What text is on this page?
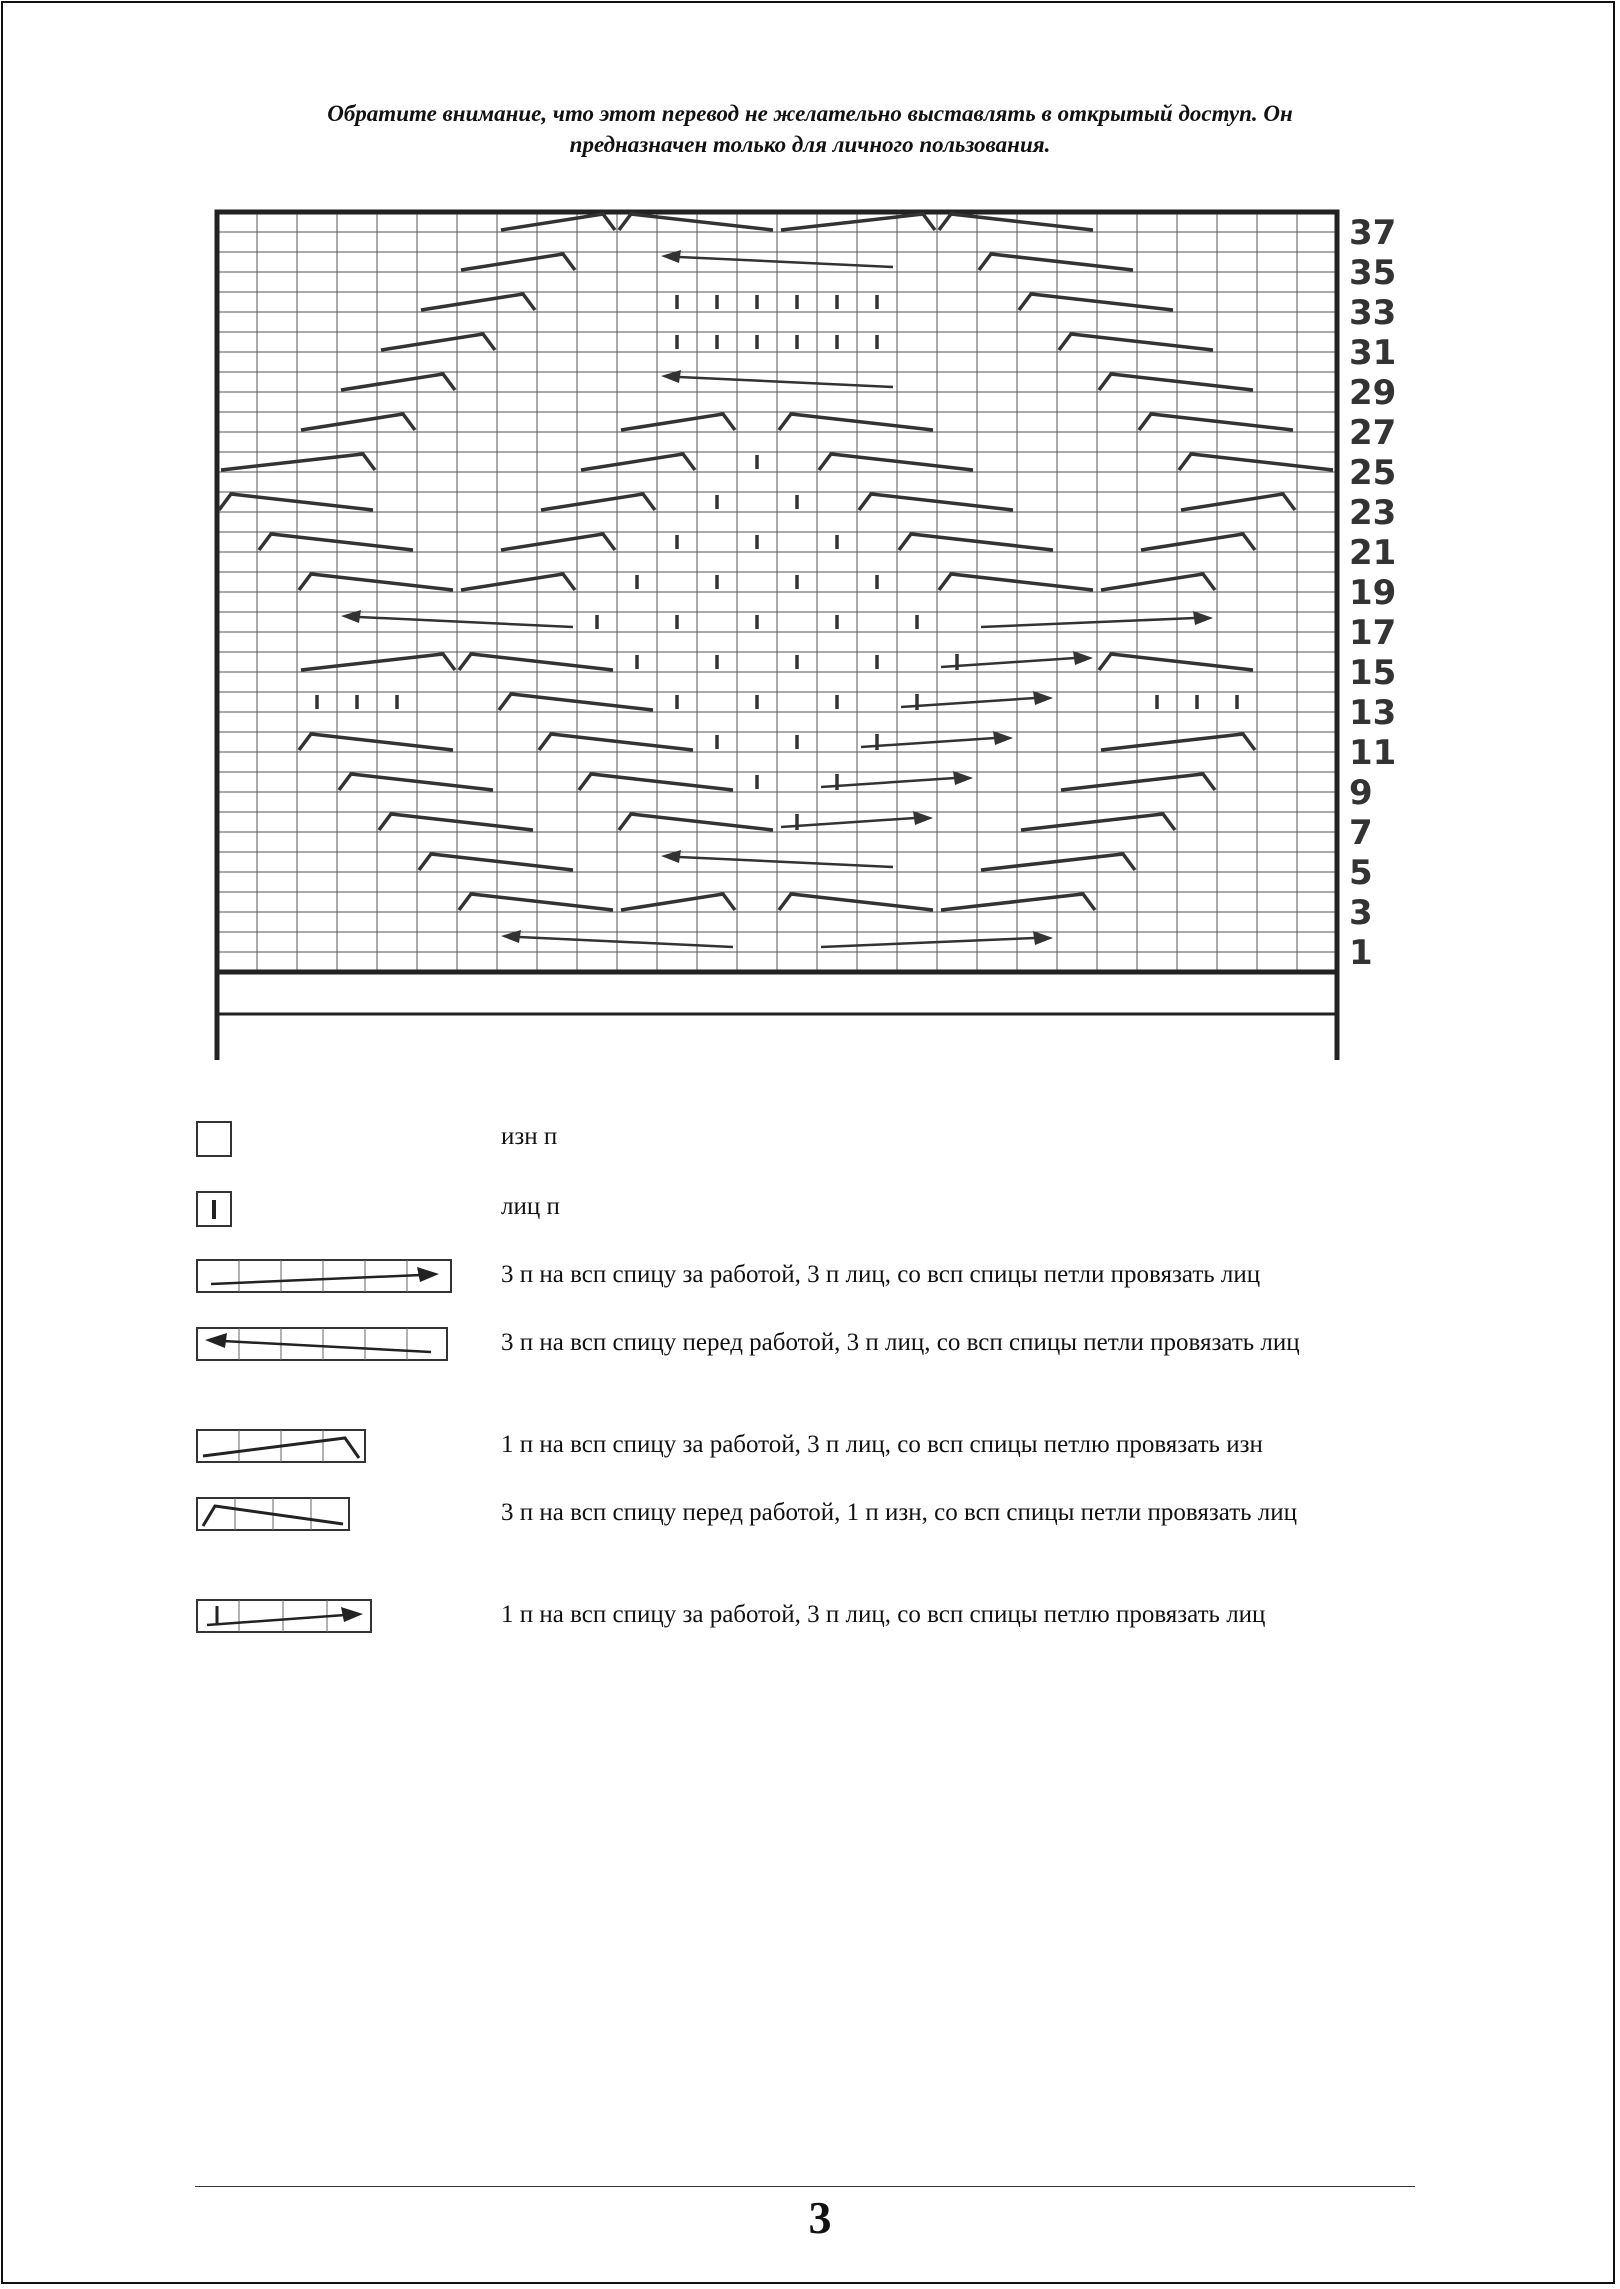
Обратите внимание, что этот перевод не желательно выставлять в открытый доступ. Он
предназначен только для личного пользования.
37
35
33
31
29
27
25
23
21
19
17
15
13
11
9
7
5
3
1
изн п
лиц п
3 п на всп спицу за работой, 3 п лиц, со всп спицы петли провязать лиц
3 п на всп спицу перед работой, 3 п лиц, со всп спицы петли провязать лиц
1 п на всп спицу за работой, 3 п лиц, со всп спицы петлю провязать изн
3 п на всп спицу перед работой, 1 п изн, со всп спицы петли провязать лиц
1 п на всп спицу за работой, 3 п лиц, со всп спицы петлю провязать лиц
3
